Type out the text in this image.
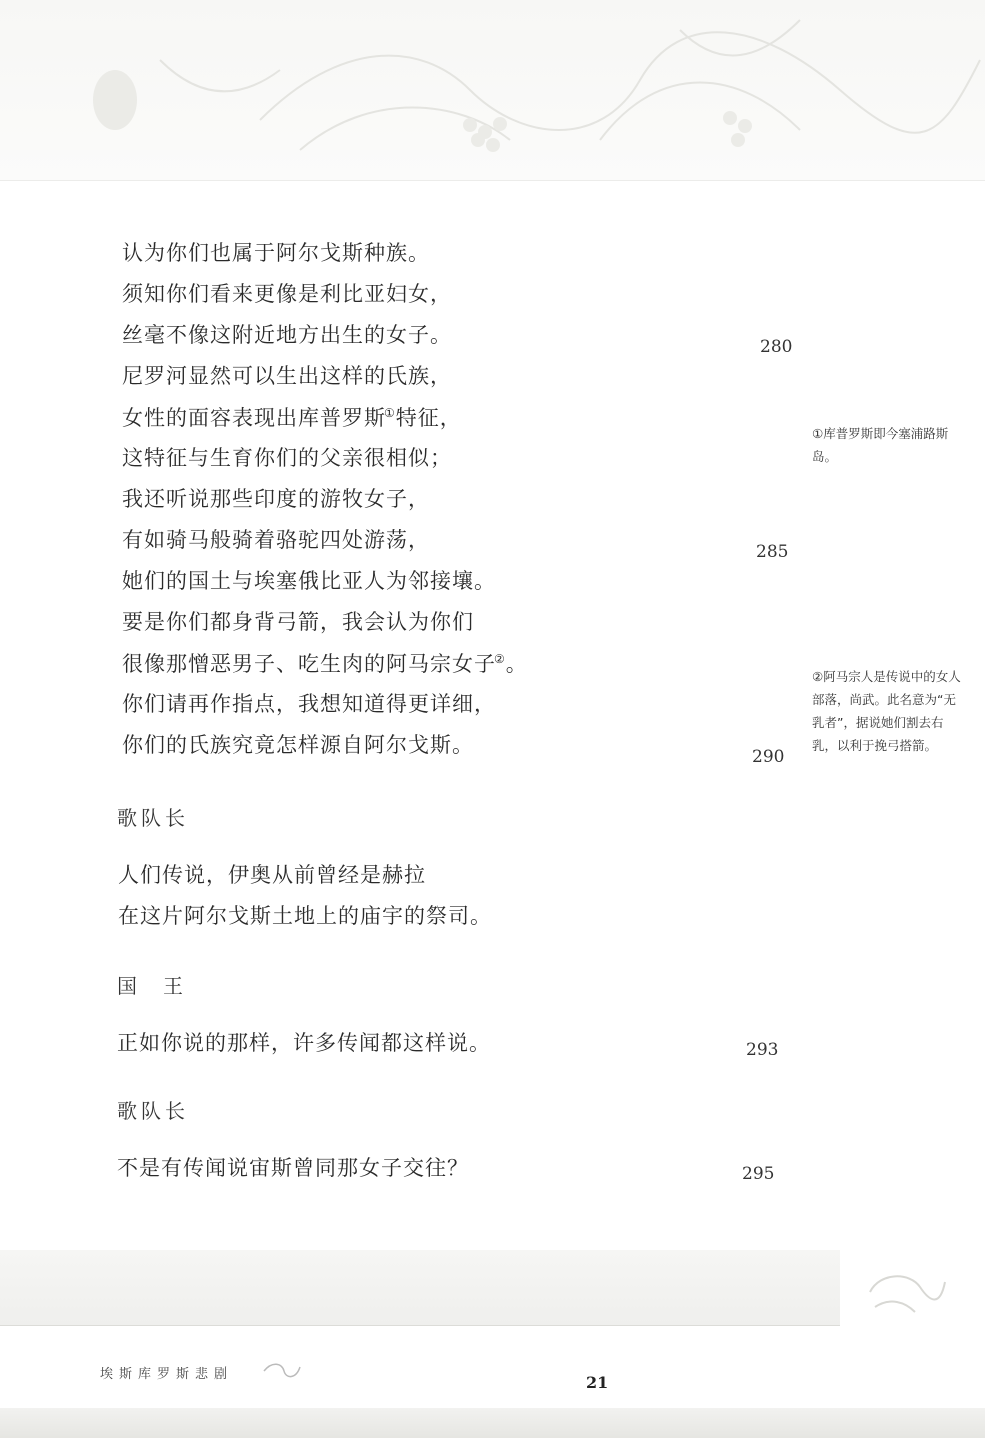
认为你们也属于阿尔戈斯种族。
须知你们看来更像是利比亚妇女，
丝毫不像这附近地方出生的女子。
尼罗河显然可以生出这样的氏族，
女性的面容表现出库普罗斯①特征，
这特征与生育你们的父亲很相似；
我还听说那些印度的游牧女子，
有如骑马般骑着骆驼四处游荡，
她们的国土与埃塞俄比亚人为邻接壤。
要是你们都身背弓箭，我会认为你们
很像那憎恶男子、吃生肉的阿马宗女子②。
你们请再作指点，我想知道得更详细，
你们的氏族究竟怎样源自阿尔戈斯。
280
285
290
293
295
①库普罗斯即今塞浦路斯岛。
②阿马宗人是传说中的女人部落，尚武。此名意为“无乳者”，据说她们割去右乳，以利于挽弓搭箭。
歌队长
人们传说，伊奥从前曾经是赫拉
在这片阿尔戈斯土地上的庙宇的祭司。
国王
正如你说的那样，许多传闻都这样说。
歌队长
不是有传闻说宙斯曾同那女子交往？
埃斯库罗斯悲剧	21
